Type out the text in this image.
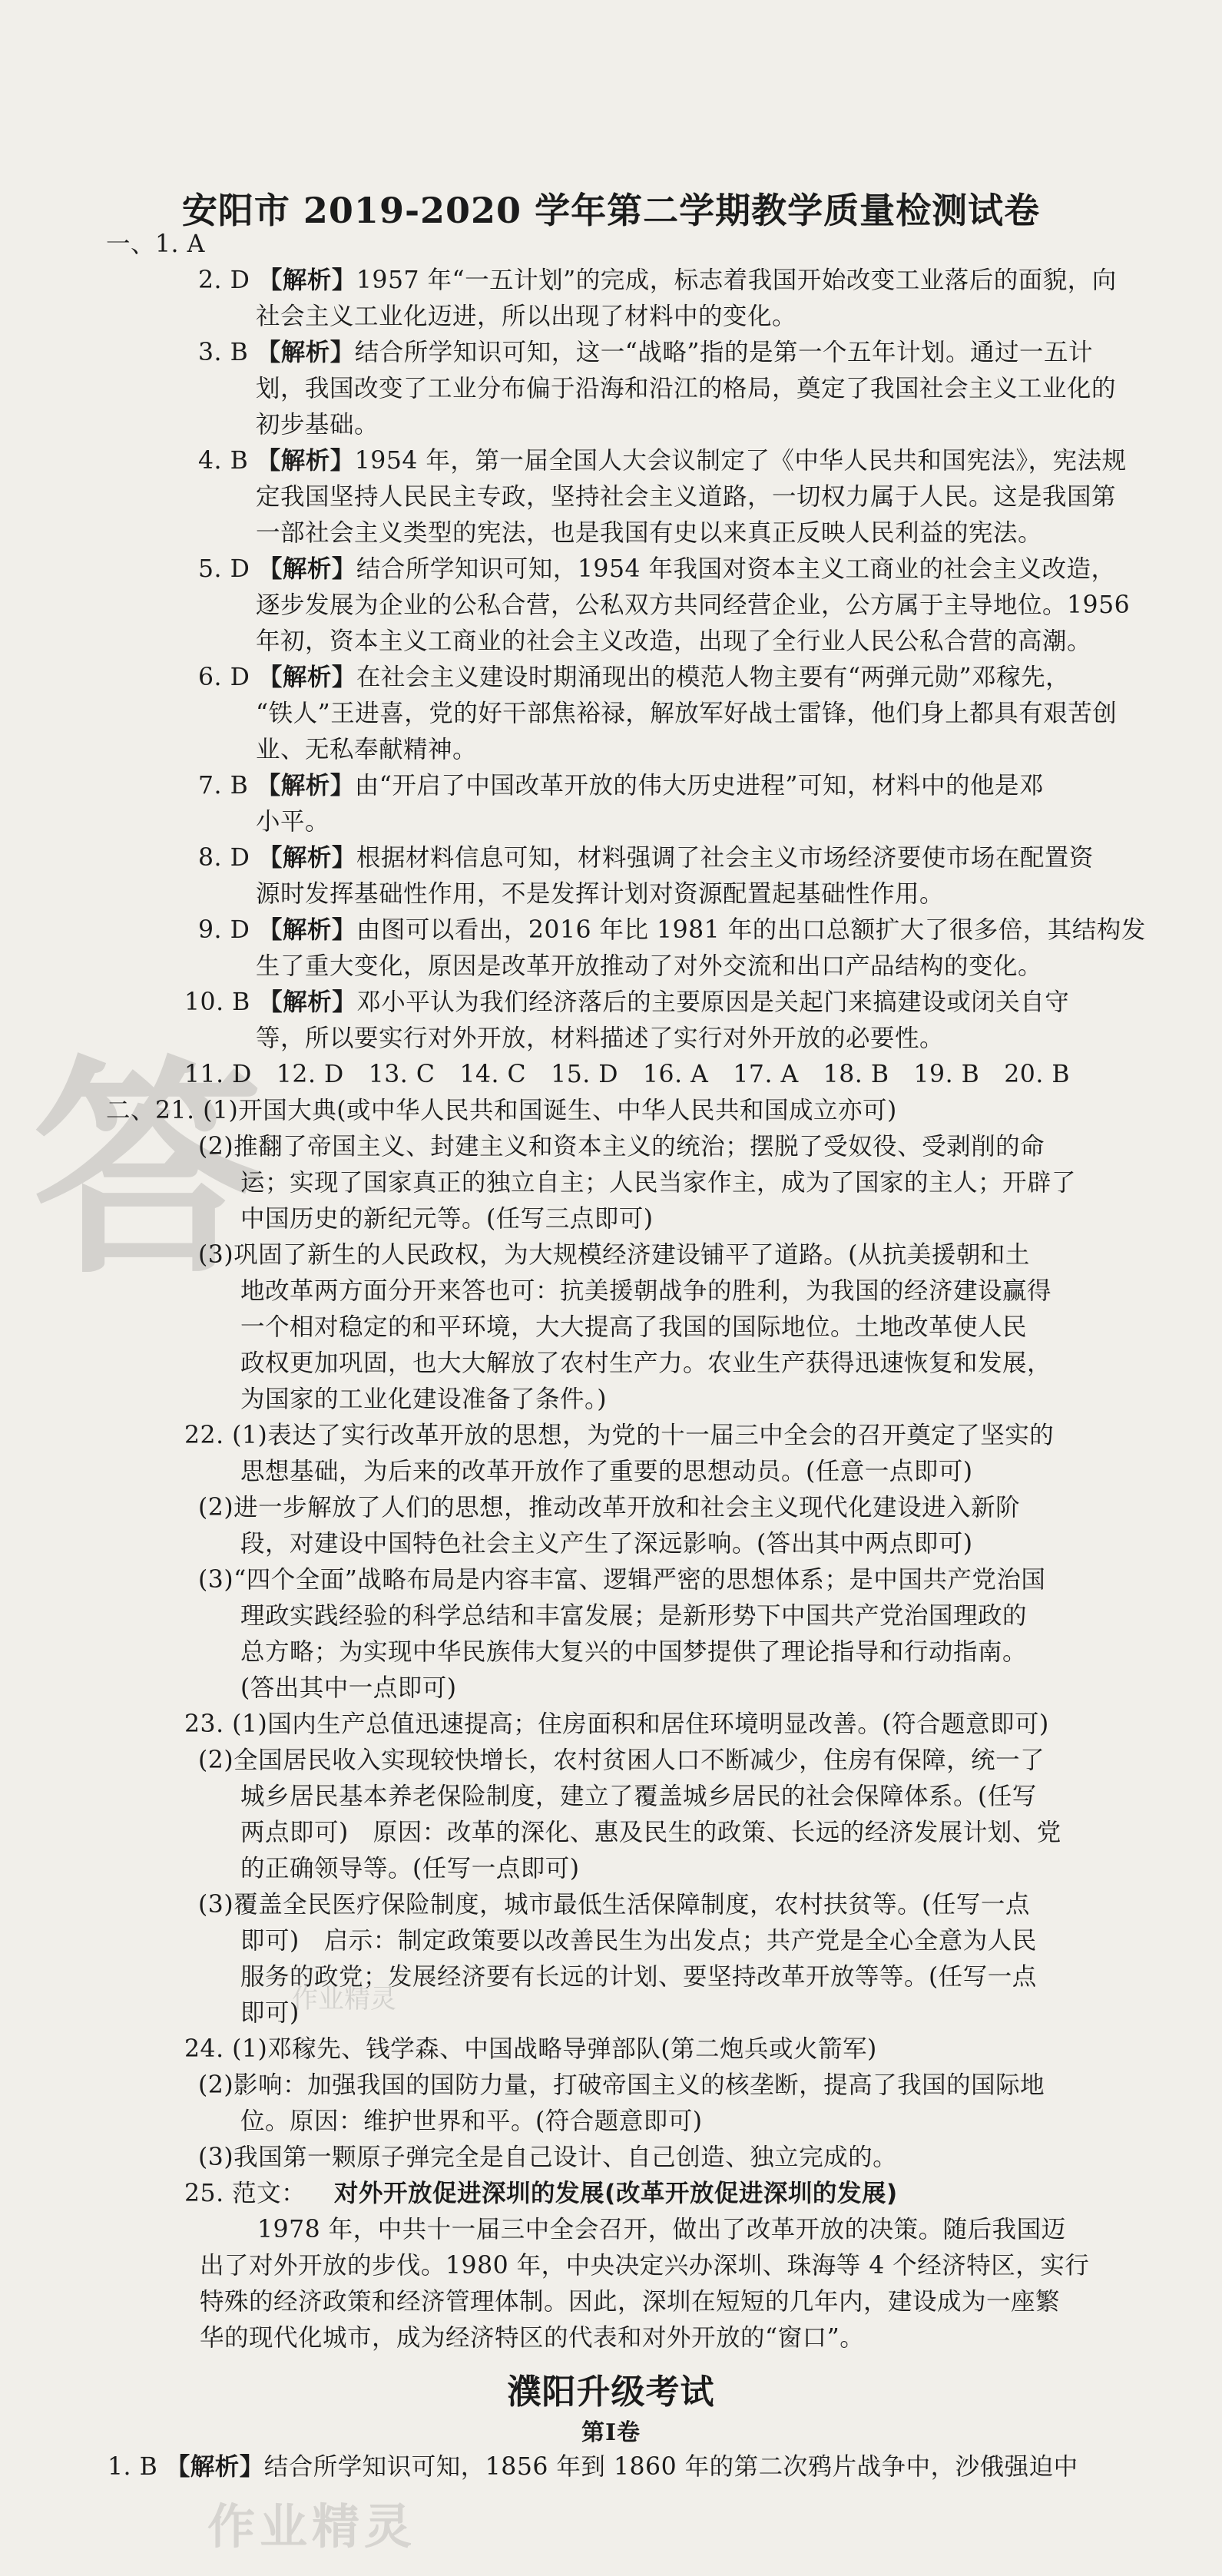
答
作业精灵
安阳市 2019-2020 学年第二学期教学质量检测试卷
一、1. A
2. D 【解析】1957 年“一五计划”的完成，标志着我国开始改变工业落后的面貌，向
社会主义工业化迈进，所以出现了材料中的变化。
3. B 【解析】结合所学知识可知，这一“战略”指的是第一个五年计划。通过一五计
划，我国改变了工业分布偏于沿海和沿江的格局，奠定了我国社会主义工业化的
初步基础。
4. B 【解析】1954 年，第一届全国人大会议制定了《中华人民共和国宪法》，宪法规
定我国坚持人民民主专政，坚持社会主义道路，一切权力属于人民。这是我国第
一部社会主义类型的宪法，也是我国有史以来真正反映人民利益的宪法。
5. D 【解析】结合所学知识可知，1954 年我国对资本主义工商业的社会主义改造，
逐步发展为企业的公私合营，公私双方共同经营企业，公方属于主导地位。1956
年初，资本主义工商业的社会主义改造，出现了全行业人民公私合营的高潮。
6. D 【解析】在社会主义建设时期涌现出的模范人物主要有“两弹元勋”邓稼先，
“铁人”王进喜，党的好干部焦裕禄，解放军好战士雷锋，他们身上都具有艰苦创
业、无私奉献精神。
7. B 【解析】由“开启了中国改革开放的伟大历史进程”可知，材料中的他是邓
小平。
8. D 【解析】根据材料信息可知，材料强调了社会主义市场经济要使市场在配置资
源时发挥基础性作用，不是发挥计划对资源配置起基础性作用。
9. D 【解析】由图可以看出，2016 年比 1981 年的出口总额扩大了很多倍，其结构发
生了重大变化，原因是改革开放推动了对外交流和出口产品结构的变化。
10. B 【解析】邓小平认为我们经济落后的主要原因是关起门来搞建设或闭关自守
等，所以要实行对外开放，材料描述了实行对外开放的必要性。
11. D　12. D　13. C　14. C　15. D　16. A　17. A　18. B　19. B　20. B
二、21. (1)开国大典(或中华人民共和国诞生、中华人民共和国成立亦可)
(2)推翻了帝国主义、封建主义和资本主义的统治；摆脱了受奴役、受剥削的命
运；实现了国家真正的独立自主；人民当家作主，成为了国家的主人；开辟了
中国历史的新纪元等。(任写三点即可)
(3)巩固了新生的人民政权，为大规模经济建设铺平了道路。(从抗美援朝和土
地改革两方面分开来答也可：抗美援朝战争的胜利，为我国的经济建设赢得
一个相对稳定的和平环境，大大提高了我国的国际地位。土地改革使人民
政权更加巩固，也大大解放了农村生产力。农业生产获得迅速恢复和发展，
为国家的工业化建设准备了条件。)
22. (1)表达了实行改革开放的思想，为党的十一届三中全会的召开奠定了坚实的
思想基础，为后来的改革开放作了重要的思想动员。(任意一点即可)
(2)进一步解放了人们的思想，推动改革开放和社会主义现代化建设进入新阶
段，对建设中国特色社会主义产生了深远影响。(答出其中两点即可)
(3)“四个全面”战略布局是内容丰富、逻辑严密的思想体系；是中国共产党治国
理政实践经验的科学总结和丰富发展；是新形势下中国共产党治国理政的
总方略；为实现中华民族伟大复兴的中国梦提供了理论指导和行动指南。
(答出其中一点即可)
23. (1)国内生产总值迅速提高；住房面积和居住环境明显改善。(符合题意即可)
(2)全国居民收入实现较快增长，农村贫困人口不断减少，住房有保障，统一了
城乡居民基本养老保险制度，建立了覆盖城乡居民的社会保障体系。(任写
两点即可)　原因：改革的深化、惠及民生的政策、长远的经济发展计划、党
的正确领导等。(任写一点即可)
(3)覆盖全民医疗保险制度，城市最低生活保障制度，农村扶贫等。(任写一点
即可)　启示：制定政策要以改善民生为出发点；共产党是全心全意为人民
服务的政党；发展经济要有长远的计划、要坚持改革开放等等。(任写一点
即可)
24. (1)邓稼先、钱学森、中国战略导弹部队(第二炮兵或火箭军)
(2)影响：加强我国的国防力量，打破帝国主义的核垄断，提高了我国的国际地
位。原因：维护世界和平。(符合题意即可)
(3)我国第一颗原子弹完全是自己设计、自己创造、独立完成的。
25. 范文： 对外开放促进深圳的发展(改革开放促进深圳的发展)
1978 年，中共十一届三中全会召开，做出了改革开放的决策。随后我国迈
出了对外开放的步伐。1980 年，中央决定兴办深圳、珠海等 4 个经济特区，实行
特殊的经济政策和经济管理体制。因此，深圳在短短的几年内，建设成为一座繁
华的现代化城市，成为经济特区的代表和对外开放的“窗口”。
濮阳升级考试
第Ⅰ卷
1. B 【解析】结合所学知识可知，1856 年到 1860 年的第二次鸦片战争中，沙俄强迫中
作业精灵
